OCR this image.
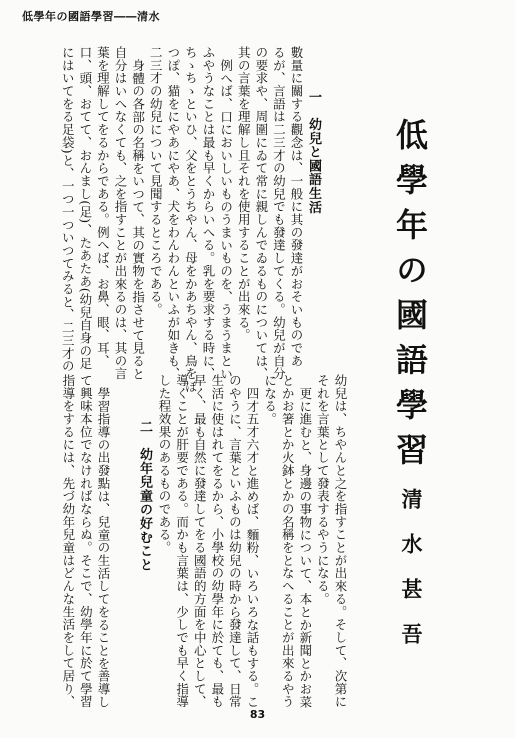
低學年の國語學習――清水
低學年の國語學習
清水甚吾
一　幼兒と國語生活
數量に關する觀念は、一般に其の發達がおそいものであ
るが、言語は二三才の幼兒でも發達してくる。幼兒が自分
の要求や、周圍にゐて常に親しんでゐるものについては、
其の言葉を理解し且それを使用することが出來る。
例へば、口においしいものうまいものを、うまうまとい
ふやうなことは最も早くからいへる。乳を要求する時に、
ちゝちゝといひ、父をとうちやん、母をかあちやん、鳥をぽ
つぽ、猫をにやあにやあ、犬をわんわんといふが如きも、
二三才の幼兒について見聞するところである。
身體の各部の名稱をいつて、其の實物を指させて見ると
自分はいへなくても、之を指すことが出來るのは、其の言
葉を理解してをるからである。例へば、お鼻、眼、耳、
口、頭、おてて、おんまし(足)、たあたあ(幼兒自身の足
にはいてをる足袋)と、一つ一ついつてみると、二三才の
幼兒は、ちやんと之を指すことが出來る。そして、次第に
それを言葉として發表するやうになる。
更に進むと、身邊の事物について、本とか新聞とかお菜
とかお箸とか火鉢とかの名稱をとなへることが出來るやう
になる。
四才五才六才と進めば、麵粉、いろいろな話もする。こ
のやうに、言葉といふものは幼兒の時から發達して、日常
生活に使はれてをるから、小學校の幼學年に於ても、最も
早く、最も自然に發達してをる國語的方面を中心として、
導くことが肝要である。而かも言葉は、少しでも早く指導
した程效果のあるものである。
二　幼年兒童の好むこと
學習指導の出發點は、兒童の生活してをることを善導し
て興味本位でなければならぬ。そこで、幼學年に於て學習
指導をするには、先づ幼年兒童はどんな生活をして居り、
83
